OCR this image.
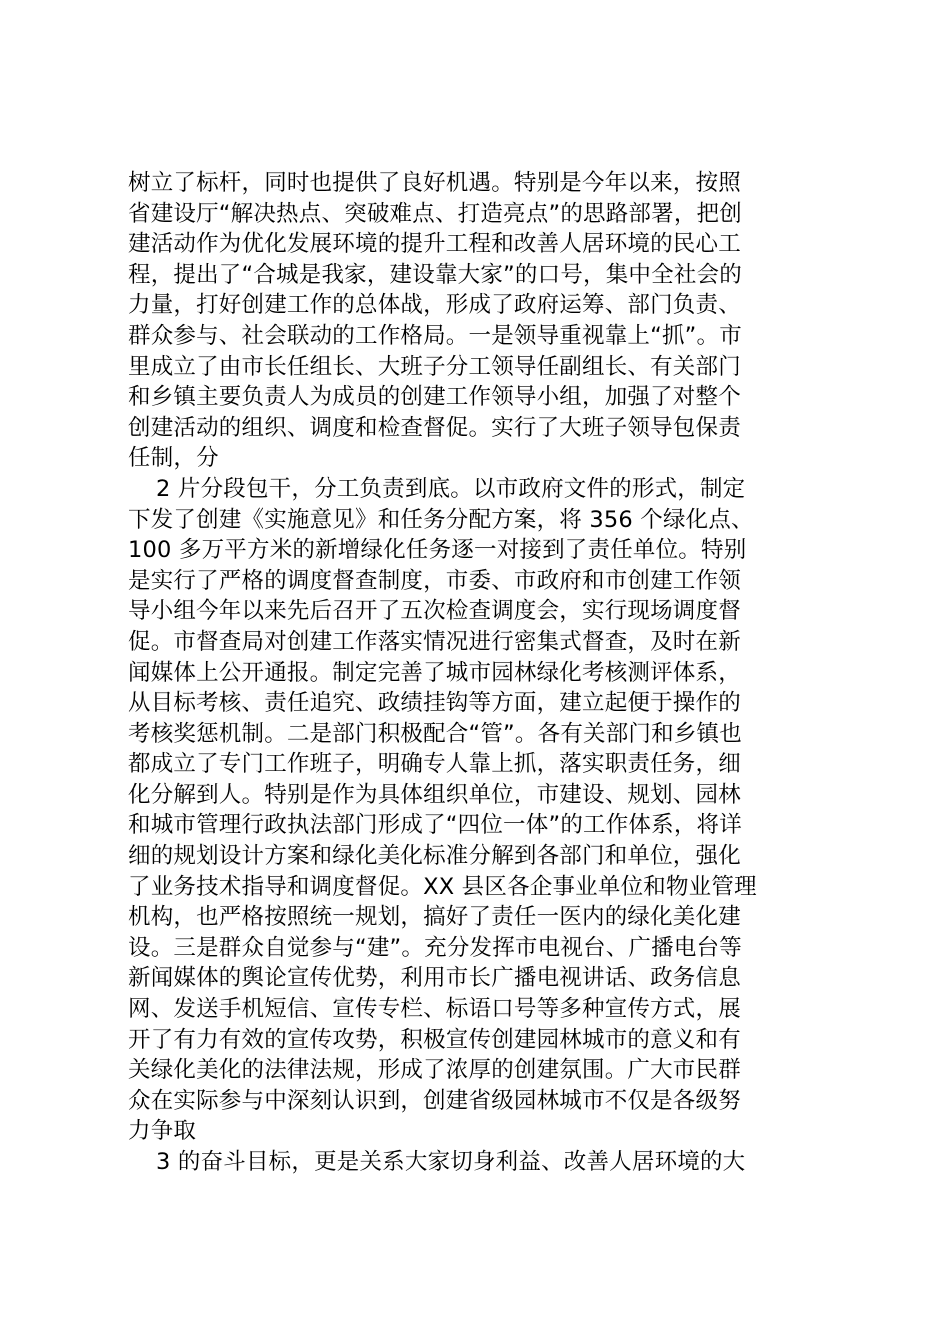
树立了标杆，同时也提供了良好机遇。特别是今年以来，按照
省建设厅“解决热点、突破难点、打造亮点”的思路部署，把创
建活动作为优化发展环境的提升工程和改善人居环境的民心工
程，提出了“合城是我家，建设靠大家”的口号，集中全社会的
力量，打好创建工作的总体战，形成了政府运筹、部门负责、
群众参与、社会联动的工作格局。一是领导重视靠上“抓”。市
里成立了由市长任组长、大班子分工领导任副组长、有关部门
和乡镇主要负责人为成员的创建工作领导小组，加强了对整个
创建活动的组织、调度和检查督促。实行了大班子领导包保责
任制，分
2 片分段包干，分工负责到底。以市政府文件的形式，制定
下发了创建《实施意见》和任务分配方案，将 356 个绿化点、
100 多万平方米的新增绿化任务逐一对接到了责任单位。特别
是实行了严格的调度督查制度，市委、市政府和市创建工作领
导小组今年以来先后召开了五次检查调度会，实行现场调度督
促。市督查局对创建工作落实情况进行密集式督查，及时在新
闻媒体上公开通报。制定完善了城市园林绿化考核测评体系，
从目标考核、责任追究、政绩挂钩等方面，建立起便于操作的
考核奖惩机制。二是部门积极配合“管”。各有关部门和乡镇也
都成立了专门工作班子，明确专人靠上抓，落实职责任务，细
化分解到人。特别是作为具体组织单位，市建设、规划、园林
和城市管理行政执法部门形成了“四位一体”的工作体系，将详
细的规划设计方案和绿化美化标准分解到各部门和单位，强化
了业务技术指导和调度督促。XX 县区各企事业单位和物业管理
机构，也严格按照统一规划，搞好了责任一医内的绿化美化建
设。三是群众自觉参与“建”。充分发挥市电视台、广播电台等
新闻媒体的舆论宣传优势，利用市长广播电视讲话、政务信息
网、发送手机短信、宣传专栏、标语口号等多种宣传方式，展
开了有力有效的宣传攻势，积极宣传创建园林城市的意义和有
关绿化美化的法律法规，形成了浓厚的创建氛围。广大市民群
众在实际参与中深刻认识到，创建省级园林城市不仅是各级努
力争取
3 的奋斗目标，更是关系大家切身利益、改善人居环境的大
